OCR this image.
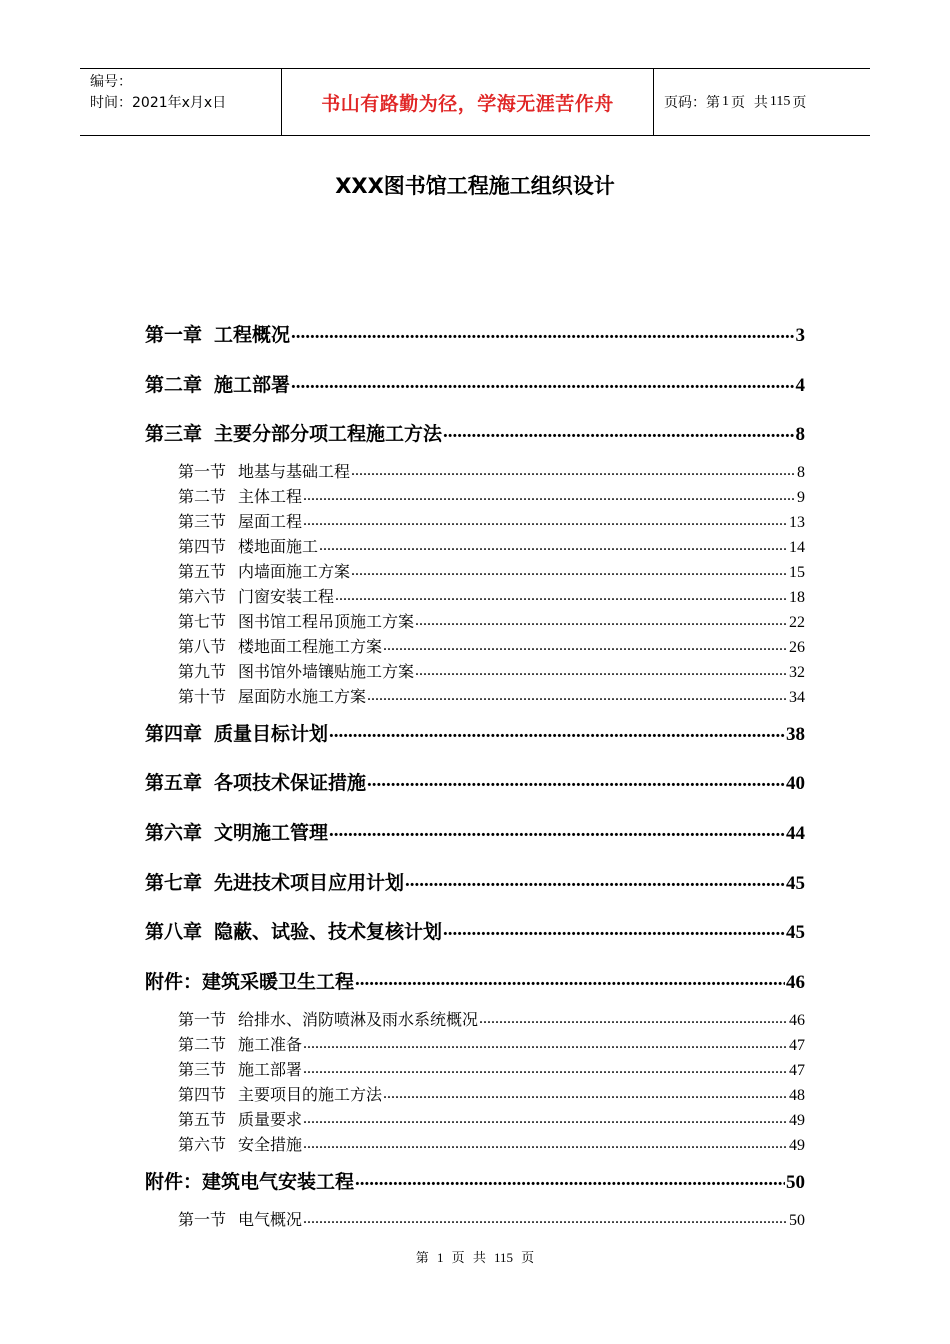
编号：
时间：2021年x月x日	书山有路勤为径，学海无涯苦作舟	页码：第 1 页  共 115 页
XXX图书馆工程施工组织设计
第一章 工程概况 .....	3
第二章 施工部署 .....	4
第三章 主要分部分项工程施工方法 .....	8
第一节 地基与基础工程 .....	8
第二节 主体工程 .....	9
第三节 屋面工程 .....	13
第四节 楼地面施工 .....	14
第五节 内墙面施工方案 .....	15
第六节 门窗安装工程 .....	18
第七节 图书馆工程吊顶施工方案 .....	22
第八节 楼地面工程施工方案 .....	26
第九节 图书馆外墙镶贴施工方案 .....	32
第十节 屋面防水施工方案 .....	34
第四章 质量目标计划 .....	38
第五章 各项技术保证措施 .....	40
第六章 文明施工管理 .....	44
第七章 先进技术项目应用计划 .....	45
第八章 隐蔽、试验、技术复核计划 .....	45
附件：建筑采暖卫生工程 .....	46
第一节 给排水、消防喷淋及雨水系统概况 .....	46
第二节 施工准备 .....	47
第三节 施工部署 .....	47
第四节 主要项目的施工方法 .....	48
第五节 质量要求 .....	49
第六节 安全措施 .....	49
附件：建筑电气安装工程 .....	50
第一节 电气概况 .....	50
第 1 页  共 115 页
